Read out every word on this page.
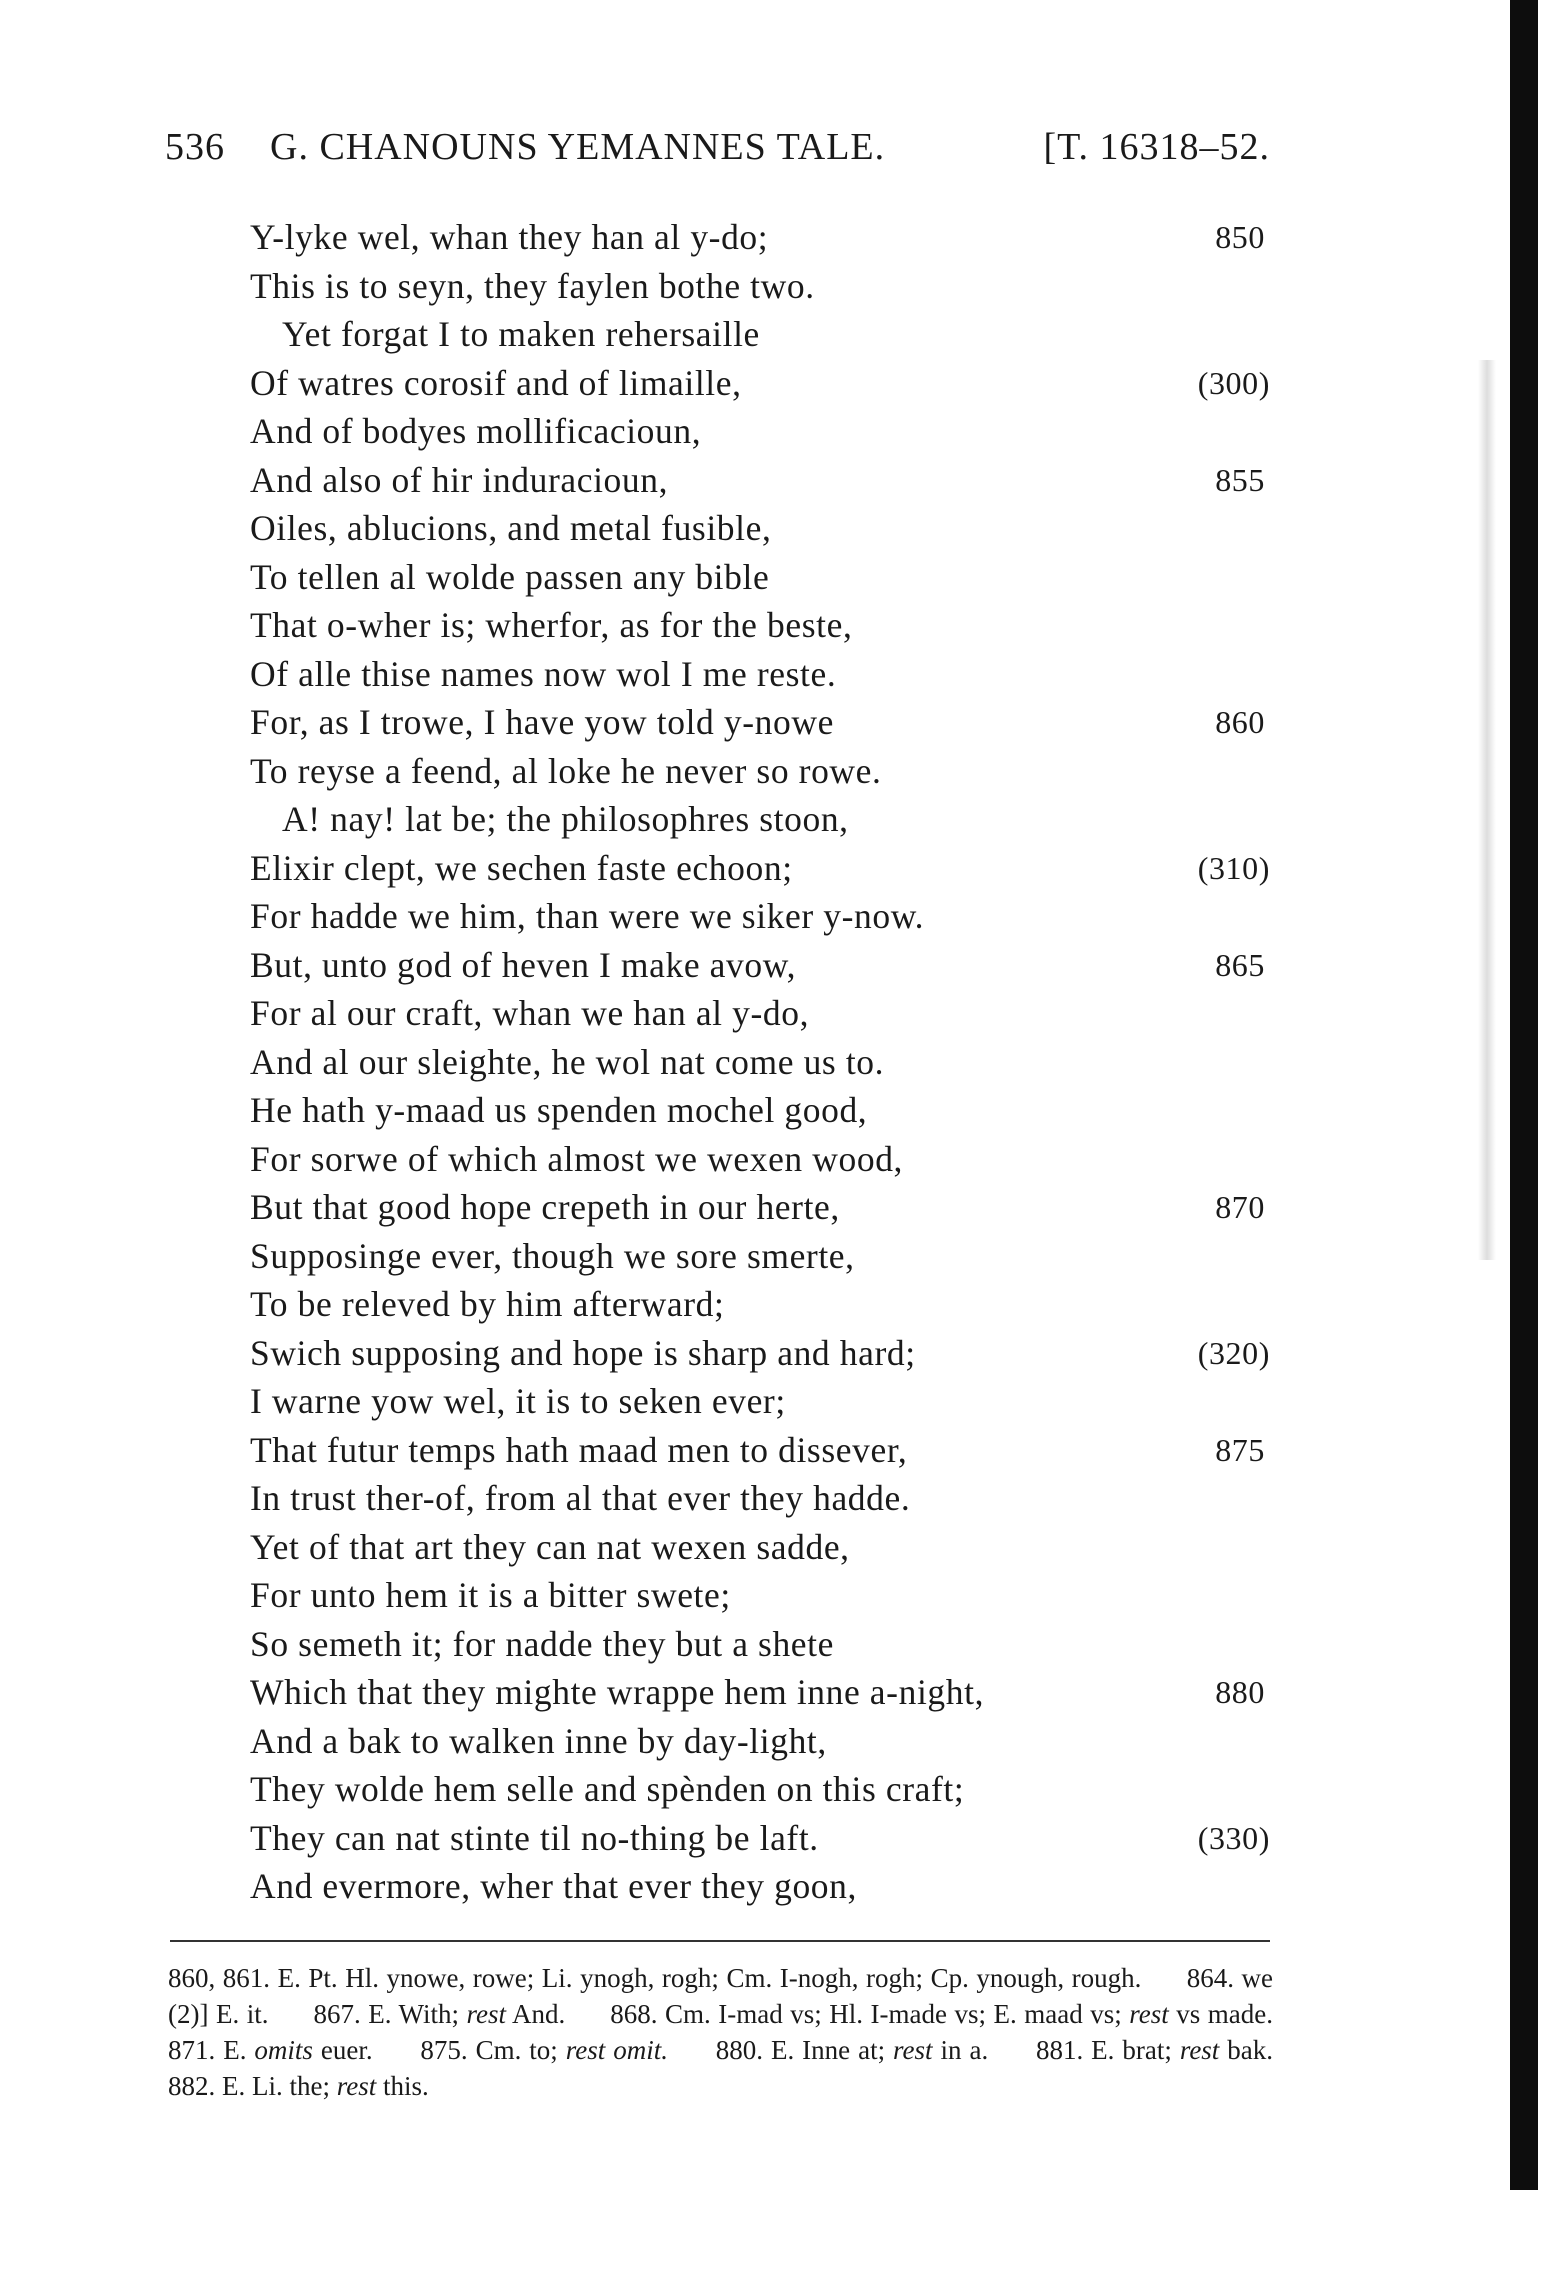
536 G. CHANOUNS YEMANNES TALE.	[T. 16318–52.
Y-lyke wel, whan they han al y-do;	850
This is to seyn, they faylen bothe two.
Yet forgat I to maken rehersaille
Of watres corosif and of limaille,	(300)
And of bodyes mollificacioun,
And also of hir induracioun,	855
Oiles, ablucions, and metal fusible,
To tellen al wolde passen any bible
That o-wher is; wherfor, as for the beste,
Of alle thise names now wol I me reste.
For, as I trowe, I have yow told y-nowe	860
To reyse a feend, al loke he never so rowe.
A! nay! lat be; the philosophres stoon,
Elixir clept, we sechen faste echoon;	(310)
For hadde we him, than were we siker y-now.
But, unto god of heven I make avow,	865
For al our craft, whan we han al y-do,
And al our sleighte, he wol nat come us to.
He hath y-maad us spenden mochel good,
For sorwe of which almost we wexen wood,
But that good hope crepeth in our herte,	870
Supposinge ever, though we sore smerte,
To be releved by him afterward;
Swich supposing and hope is sharp and hard;	(320)
I warne yow wel, it is to seken ever;
That futur temps hath maad men to dissever,	875
In trust ther-of, from al that ever they hadde.
Yet of that art they can nat wexen sadde,
For unto hem it is a bitter swete;
So semeth it; for nadde they but a shete
Which that they mighte wrappe hem inne a-night,	880
And a bak to walken inne by day-light,
They wolde hem selle and spènden on this craft;
They can nat stinte til no-thing be laft.	(330)
And evermore, wher that ever they goon,

860, 861. E. Pt. Hl. ynowe, rowe; Li. ynogh, rogh; Cm. I-nogh, rogh; Cp. ynough, rough.      864. we (2)] E. it.      867. E. With; rest And.      868. Cm. I-mad vs; Hl. I-made vs; E. maad vs; rest vs made.      871. E. omits euer.      875. Cm. to; rest omit.      880. E. Inne at; rest in a.      881. E. brat; rest bak.      882. E. Li. the; rest this.
